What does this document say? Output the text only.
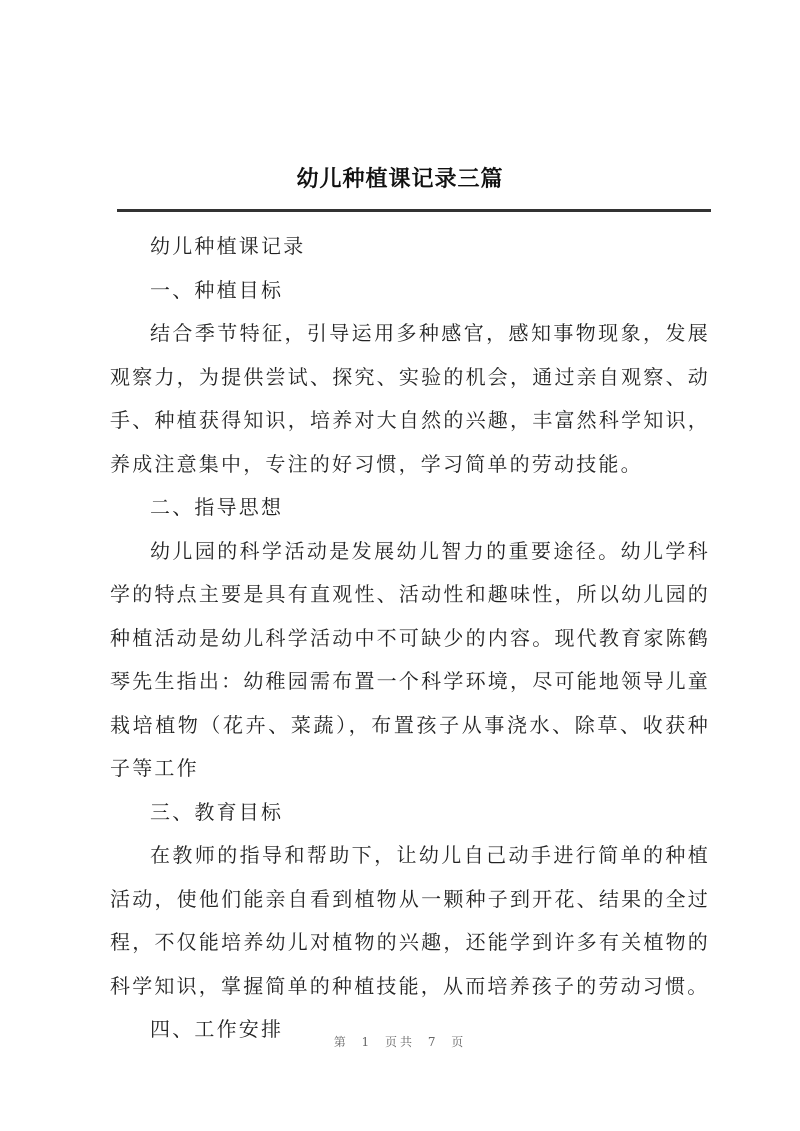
幼儿种植课记录三篇

幼儿种植课记录

一、种植目标

结合季节特征，引导运用多种感官，感知事物现象，发展观察力，为提供尝试、探究、实验的机会，通过亲自观察、动手、种植获得知识，培养对大自然的兴趣，丰富然科学知识，养成注意集中，专注的好习惯，学习简单的劳动技能。

二、指导思想

幼儿园的科学活动是发展幼儿智力的重要途径。幼儿学科学的特点主要是具有直观性、活动性和趣味性，所以幼儿园的种植活动是幼儿科学活动中不可缺少的内容。现代教育家陈鹤琴先生指出：幼稚园需布置一个科学环境，尽可能地领导儿童栽培植物（花卉、菜蔬），布置孩子从事浇水、除草、收获种子等工作

三、教育目标

在教师的指导和帮助下，让幼儿自己动手进行简单的种植活动，使他们能亲自看到植物从一颗种子到开花、结果的全过程，不仅能培养幼儿对植物的兴趣，还能学到许多有关植物的科学知识，掌握简单的种植技能，从而培养孩子的劳动习惯。

四、工作安排

第 1 页共 7 页
